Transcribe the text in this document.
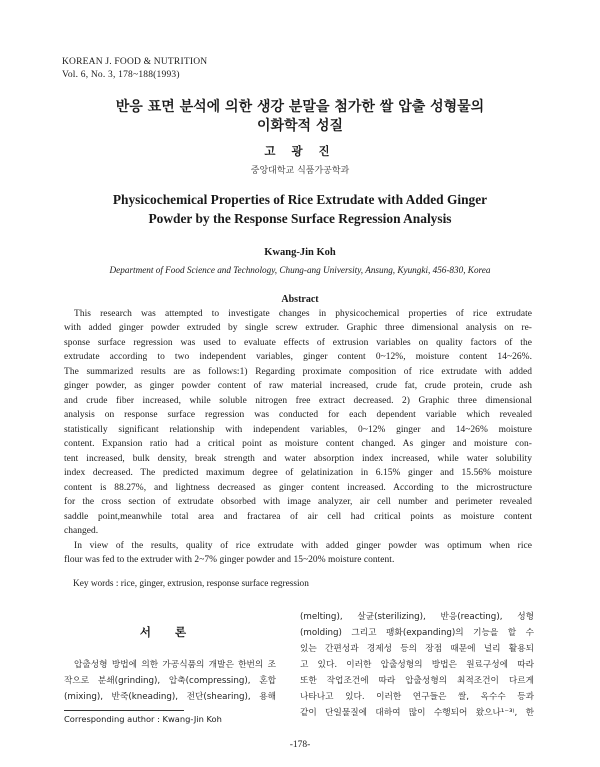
KOREAN J. FOOD & NUTRITION
Vol. 6, No. 3, 178~188(1993)
반응 표면 분석에 의한 생강 분말을 첨가한 쌀 압출 성형물의
이화학적 성질
고 광 진
중앙대학교 식품가공학과
Physicochemical Properties of Rice Extrudate with Added Ginger
Powder by the Response Surface Regression Analysis
Kwang-Jin Koh
Department of Food Science and Technology, Chung-ang University, Ansung, Kyungki, 456-830, Korea
Abstract
This research was attempted to investigate changes in physicochemical properties of rice extrudate
with added ginger powder extruded by single screw extruder. Graphic three dimensional analysis on re-
sponse surface regression was used to evaluate effects of extrusion variables on quality factors of the
extrudate according to two independent variables, ginger content 0~12%, moisture content 14~26%.
The summarized results are as follows:1) Regarding proximate composition of rice extrudate with added
ginger powder, as ginger powder content of raw material increased, crude fat, crude protein, crude ash
and crude fiber increased, while soluble nitrogen free extract decreased. 2) Graphic three dimensional
analysis on response surface regression was conducted for each dependent variable which revealed
statistically significant relationship with independent variables, 0~12% ginger and 14~26% moisture
content. Expansion ratio had a critical point as moisture content changed. As ginger and moisture con-
tent increased, bulk density, break strength and water absorption index increased, while water solubility
index decreased. The predicted maximum degree of gelatinization in 6.15% ginger and 15.56% moisture
content is 88.27%, and lightness decreased as ginger content increased. According to the microstructure
for the cross section of extrudate obsorbed with image analyzer, air cell number and perimeter revealed
saddle point,meanwhile total area and fractarea of air cell had critical points as moisture content
changed.
In view of the results, quality of rice extrudate with added ginger powder was optimum when rice
flour was fed to the extruder with 2~7% ginger powder and 15~20% moisture content.
Key words : rice, ginger, extrusion, response surface regression
서 론
압출성형 방법에 의한 가공식품의 개발은 한번의 조
작으로 분쇄(grinding), 압축(compressing), 혼합
(mixing), 반죽(kneading), 전단(shearing), 용해
(melting), 살균(sterilizing), 반응(reacting), 성형
(molding) 그리고 팽화(expanding)의 기능을 할 수
있는 간편성과 경제성 등의 장점 때문에 널리 활용되
고 있다. 이러한 압출성형의 방법은 원료구성에 따라
또한 작업조건에 따라 압출성형의 최적조건이 다르게
나타나고 있다. 이러한 연구들은 쌀, 옥수수 등과
같이 단일물질에 대하여 많이 수행되어 왔으나¹⁻³⁾, 한
Corresponding author : Kwang-Jin Koh
-178-
